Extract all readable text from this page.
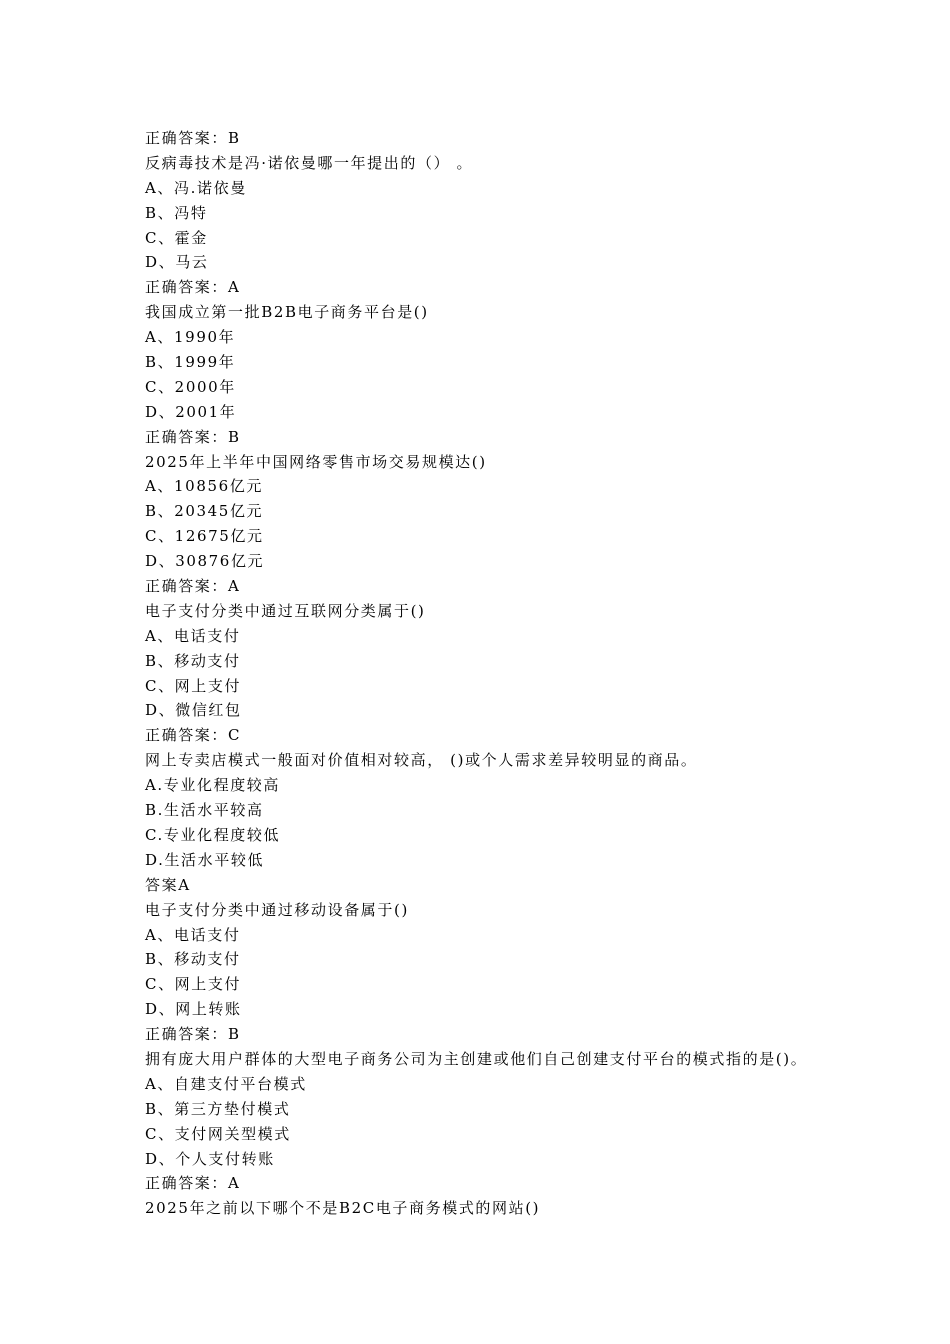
正确答案：B
反病毒技术是冯·诺依曼哪一年提出的（） 。
A、冯.诺依曼
B、冯特
C、霍金
D、马云
正确答案：A
我国成立第一批B2B电子商务平台是()
A、1990年
B、1999年
C、2000年
D、2001年
正确答案：B
2025年上半年中国网络零售市场交易规模达()
A、10856亿元
B、20345亿元
C、12675亿元
D、30876亿元
正确答案：A
电子支付分类中通过互联网分类属于()
A、电话支付
B、移动支付
C、网上支付
D、微信红包
正确答案：C
网上专卖店模式一般面对价值相对较高， ()或个人需求差异较明显的商品。
A.专业化程度较高
B.生活水平较高
C.专业化程度较低
D.生活水平较低
答案A
电子支付分类中通过移动设备属于()
A、电话支付
B、移动支付
C、网上支付
D、网上转账
正确答案：B
拥有庞大用户群体的大型电子商务公司为主创建或他们自己创建支付平台的模式指的是()。
A、自建支付平台模式
B、第三方垫付模式
C、支付网关型模式
D、个人支付转账
正确答案：A
2025年之前以下哪个不是B2C电子商务模式的网站()
